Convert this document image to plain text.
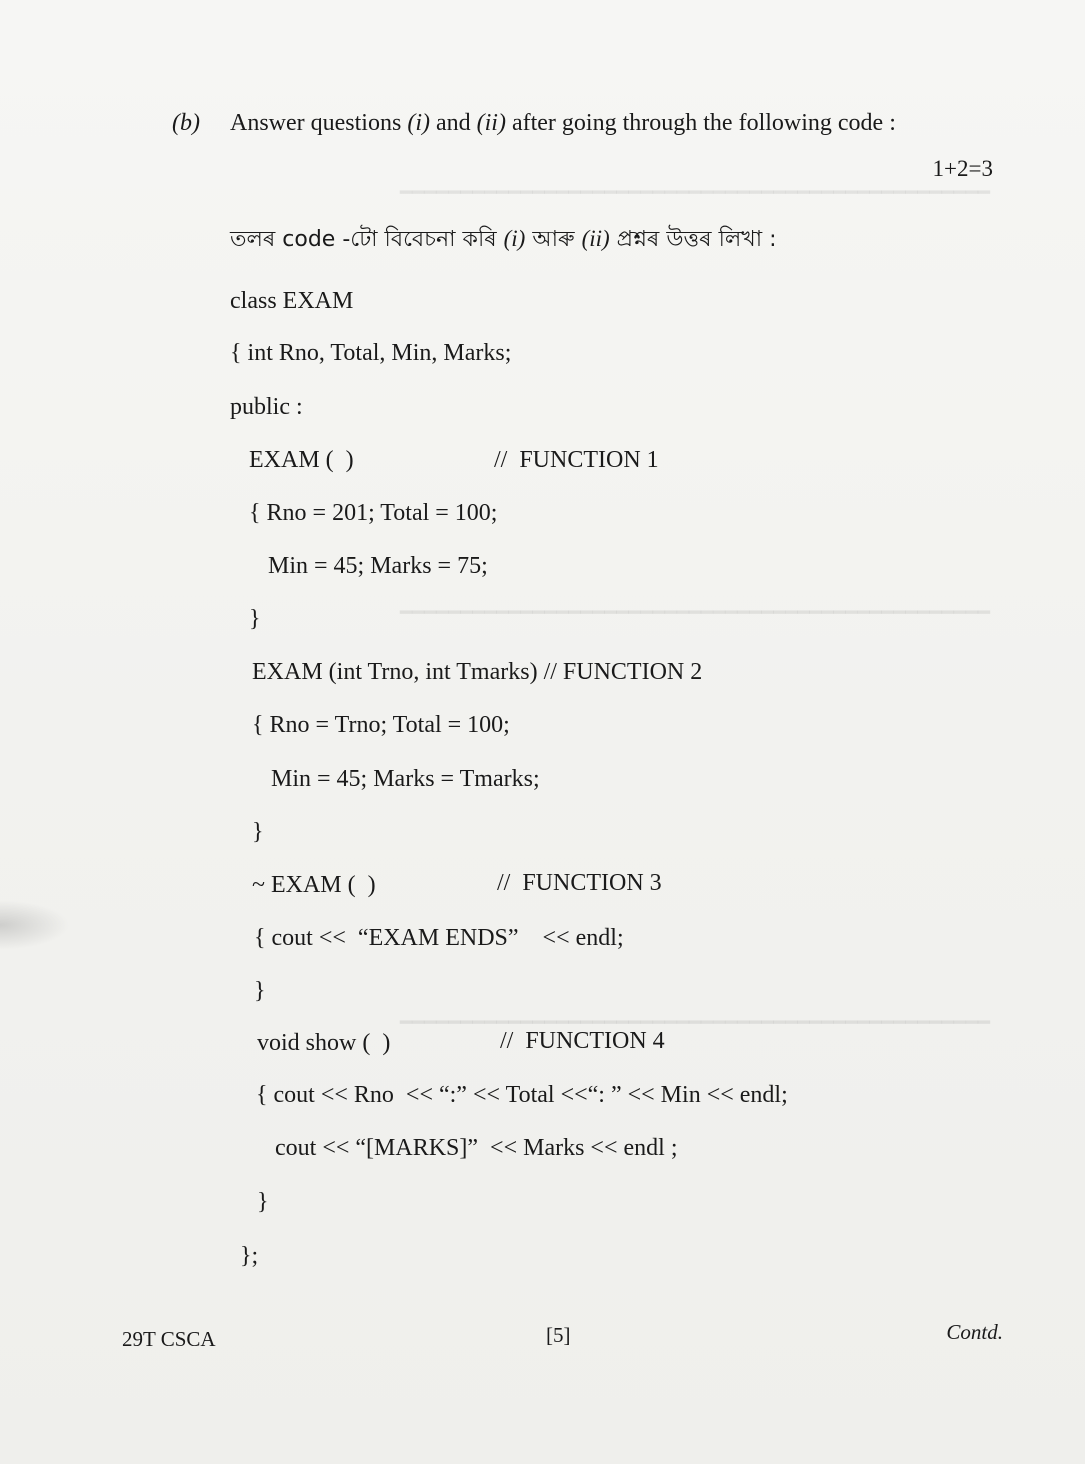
━━━━━━━━━━━━━━━━━━━━━━━━━━━━━━━━━━━━━━━━━━━━━━━━━
━━━━━━━━━━━━━━━━━━━━━━━━━━━━━━━━━━━━━━━━━━━━━━━━━
━━━━━━━━━━━━━━━━━━━━━━━━━━━━━━━━━━━━━━━━━━━━━━━━━
(b) Answer questions (i) and (ii) after going through the following code :
1+2=3
তলৰ code -টো বিবেচনা কৰি (i) আৰু (ii) প্ৰশ্নৰ উত্তৰ লিখা :
class EXAM
{ int Rno, Total, Min, Marks;
public :
EXAM (  )	//  FUNCTION 1
{ Rno = 201; Total = 100;
Min = 45; Marks = 75;
}
EXAM (int Trno, int Tmarks) // FUNCTION 2
{ Rno = Trno; Total = 100;
Min = 45; Marks = Tmarks;
}
~ EXAM (  )	//  FUNCTION 3
{ cout <<  “EXAM ENDS”    << endl;
}
void show (  )	//  FUNCTION 4
{ cout << Rno  << “:” << Total <<“: ” << Min << endl;
cout << “[MARKS]”  << Marks << endl ;
}
};
29T CSCA	[5]	Contd.
